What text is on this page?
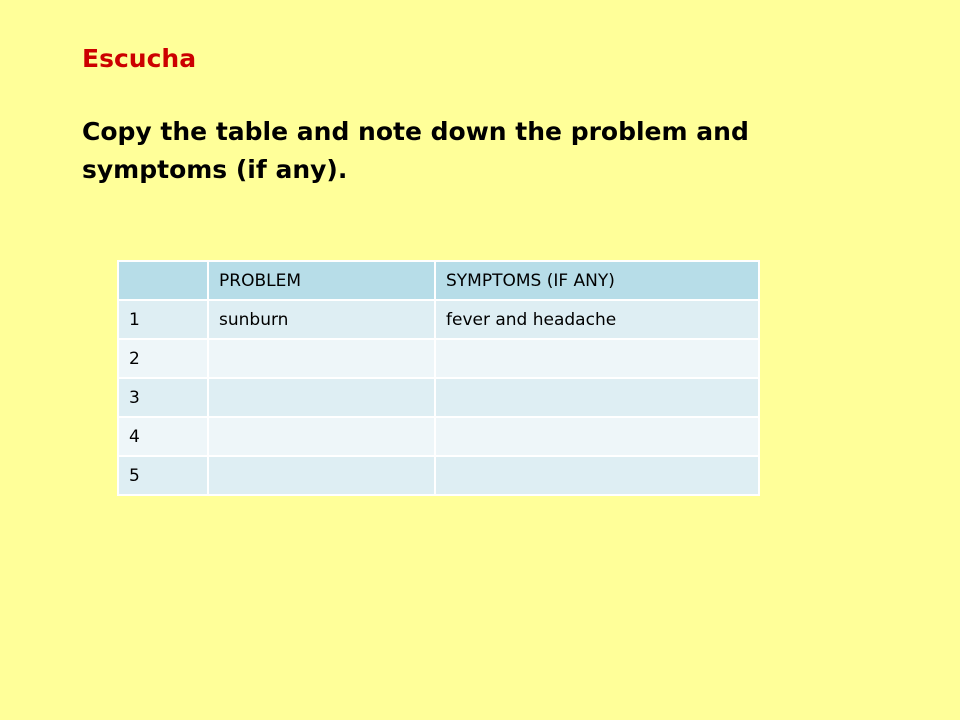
Escucha

Copy the table and note down the problem and symptoms (if any).

	PROBLEM	SYMPTOMS (IF ANY)
1	sunburn	fever and headache
2		
3		
4		
5		
